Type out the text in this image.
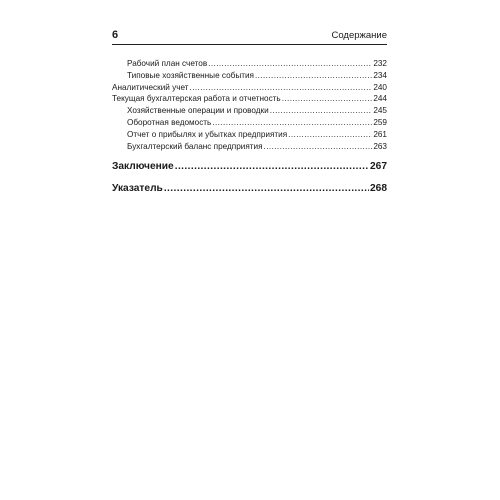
6	Содержание
Рабочий план счетов .....	232
Типовые хозяйственные события .....	234
Аналитический учет .....	240
Текущая бухгалтерская работа и отчетность .....	244
Хозяйственные операции и проводки .....	245
Оборотная ведомость .....	259
Отчет о прибылях и убытках предприятия .....	261
Бухгалтерский баланс предприятия .....	263
Заключение .....	267
Указатель .....	268
